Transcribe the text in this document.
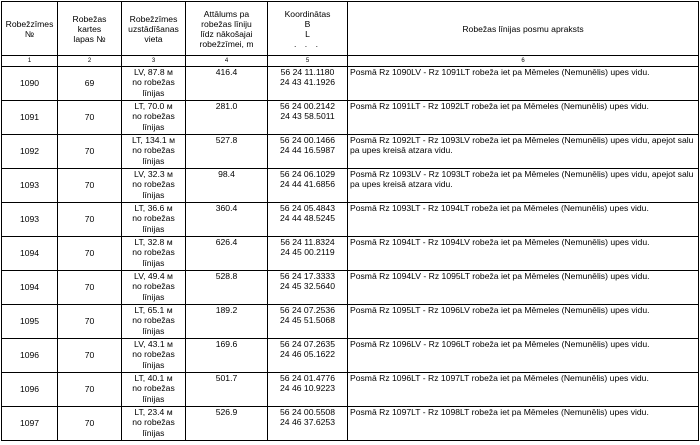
Robežzīmes
№	Robežas
kartes
lapas №	Robežzīmes
uzstādīšanas
vieta	Attālums pa
robežas līniju
līdz nākošajai
robežzīmei, m	Koordinātas
B
L
. . .	Robežas līnijas posmu apraksts
1	2	3	4	5	6
1090	69	LV, 87.8 м
no robežas
līnijas	416.4	56 24 11.1180
24 43 41.1926	Posmā Rz 1090LV - Rz 1091LT robeža iet pa Mēmeles (Nemunēlis) upes vidu.
1091	70	LT, 70.0 м
no robežas
līnijas	281.0	56 24 00.2142
24 43 58.5011	Posmā Rz 1091LT - Rz 1092LT robeža iet pa Mēmeles (Nemunēlis) upes vidu.
1092	70	LT, 134.1 м
no robežas
līnijas	527.8	56 24 00.1466
24 44 16.5987	Posmā Rz 1092LT - Rz 1093LV robeža iet pa Mēmeles (Nemunēlis) upes vidu, apejot salu pa upes kreisā atzara vidu.
1093	70	LV, 32.3 м
no robežas
līnijas	98.4	56 24 06.1029
24 44 41.6856	Posmā Rz 1093LV - Rz 1093LT robeža iet pa Mēmeles (Nemunēlis) upes vidu, apejot salu pa upes kreisā atzara vidu.
1093	70	LT, 36.6 м
no robežas
līnijas	360.4	56 24 05.4843
24 44 48.5245	Posmā Rz 1093LT - Rz 1094LT robeža iet pa Mēmeles (Nemunēlis) upes vidu.
1094	70	LT, 32.8 м
no robežas
līnijas	626.4	56 24 11.8324
24 45 00.2119	Posmā Rz 1094LT - Rz 1094LV robeža iet pa Mēmeles (Nemunēlis) upes vidu.
1094	70	LV, 49.4 м
no robežas
līnijas	528.8	56 24 17.3333
24 45 32.5640	Posmā Rz 1094LV - Rz 1095LT robeža iet pa Mēmeles (Nemunēlis) upes vidu.
1095	70	LT, 65.1 м
no robežas
līnijas	189.2	56 24 07.2536
24 45 51.5068	Posmā Rz 1095LT - Rz 1096LV robeža iet pa Mēmeles (Nemunēlis) upes vidu.
1096	70	LV, 43.1 м
no robežas
līnijas	169.6	56 24 07.2635
24 46 05.1622	Posmā Rz 1096LV - Rz 1096LT robeža iet pa Mēmeles (Nemunēlis) upes vidu.
1096	70	LT, 40.1 м
no robežas
līnijas	501.7	56 24 01.4776
24 46 10.9223	Posmā Rz 1096LT - Rz 1097LT robeža iet pa Mēmeles (Nemunēlis) upes vidu.
1097	70	LT, 23.4 м
no robežas
līnijas	526.9	56 24 00.5508
24 46 37.6253	Posmā Rz 1097LT - Rz 1098LT robeža iet pa Mēmeles (Nemunēlis) upes vidu.
